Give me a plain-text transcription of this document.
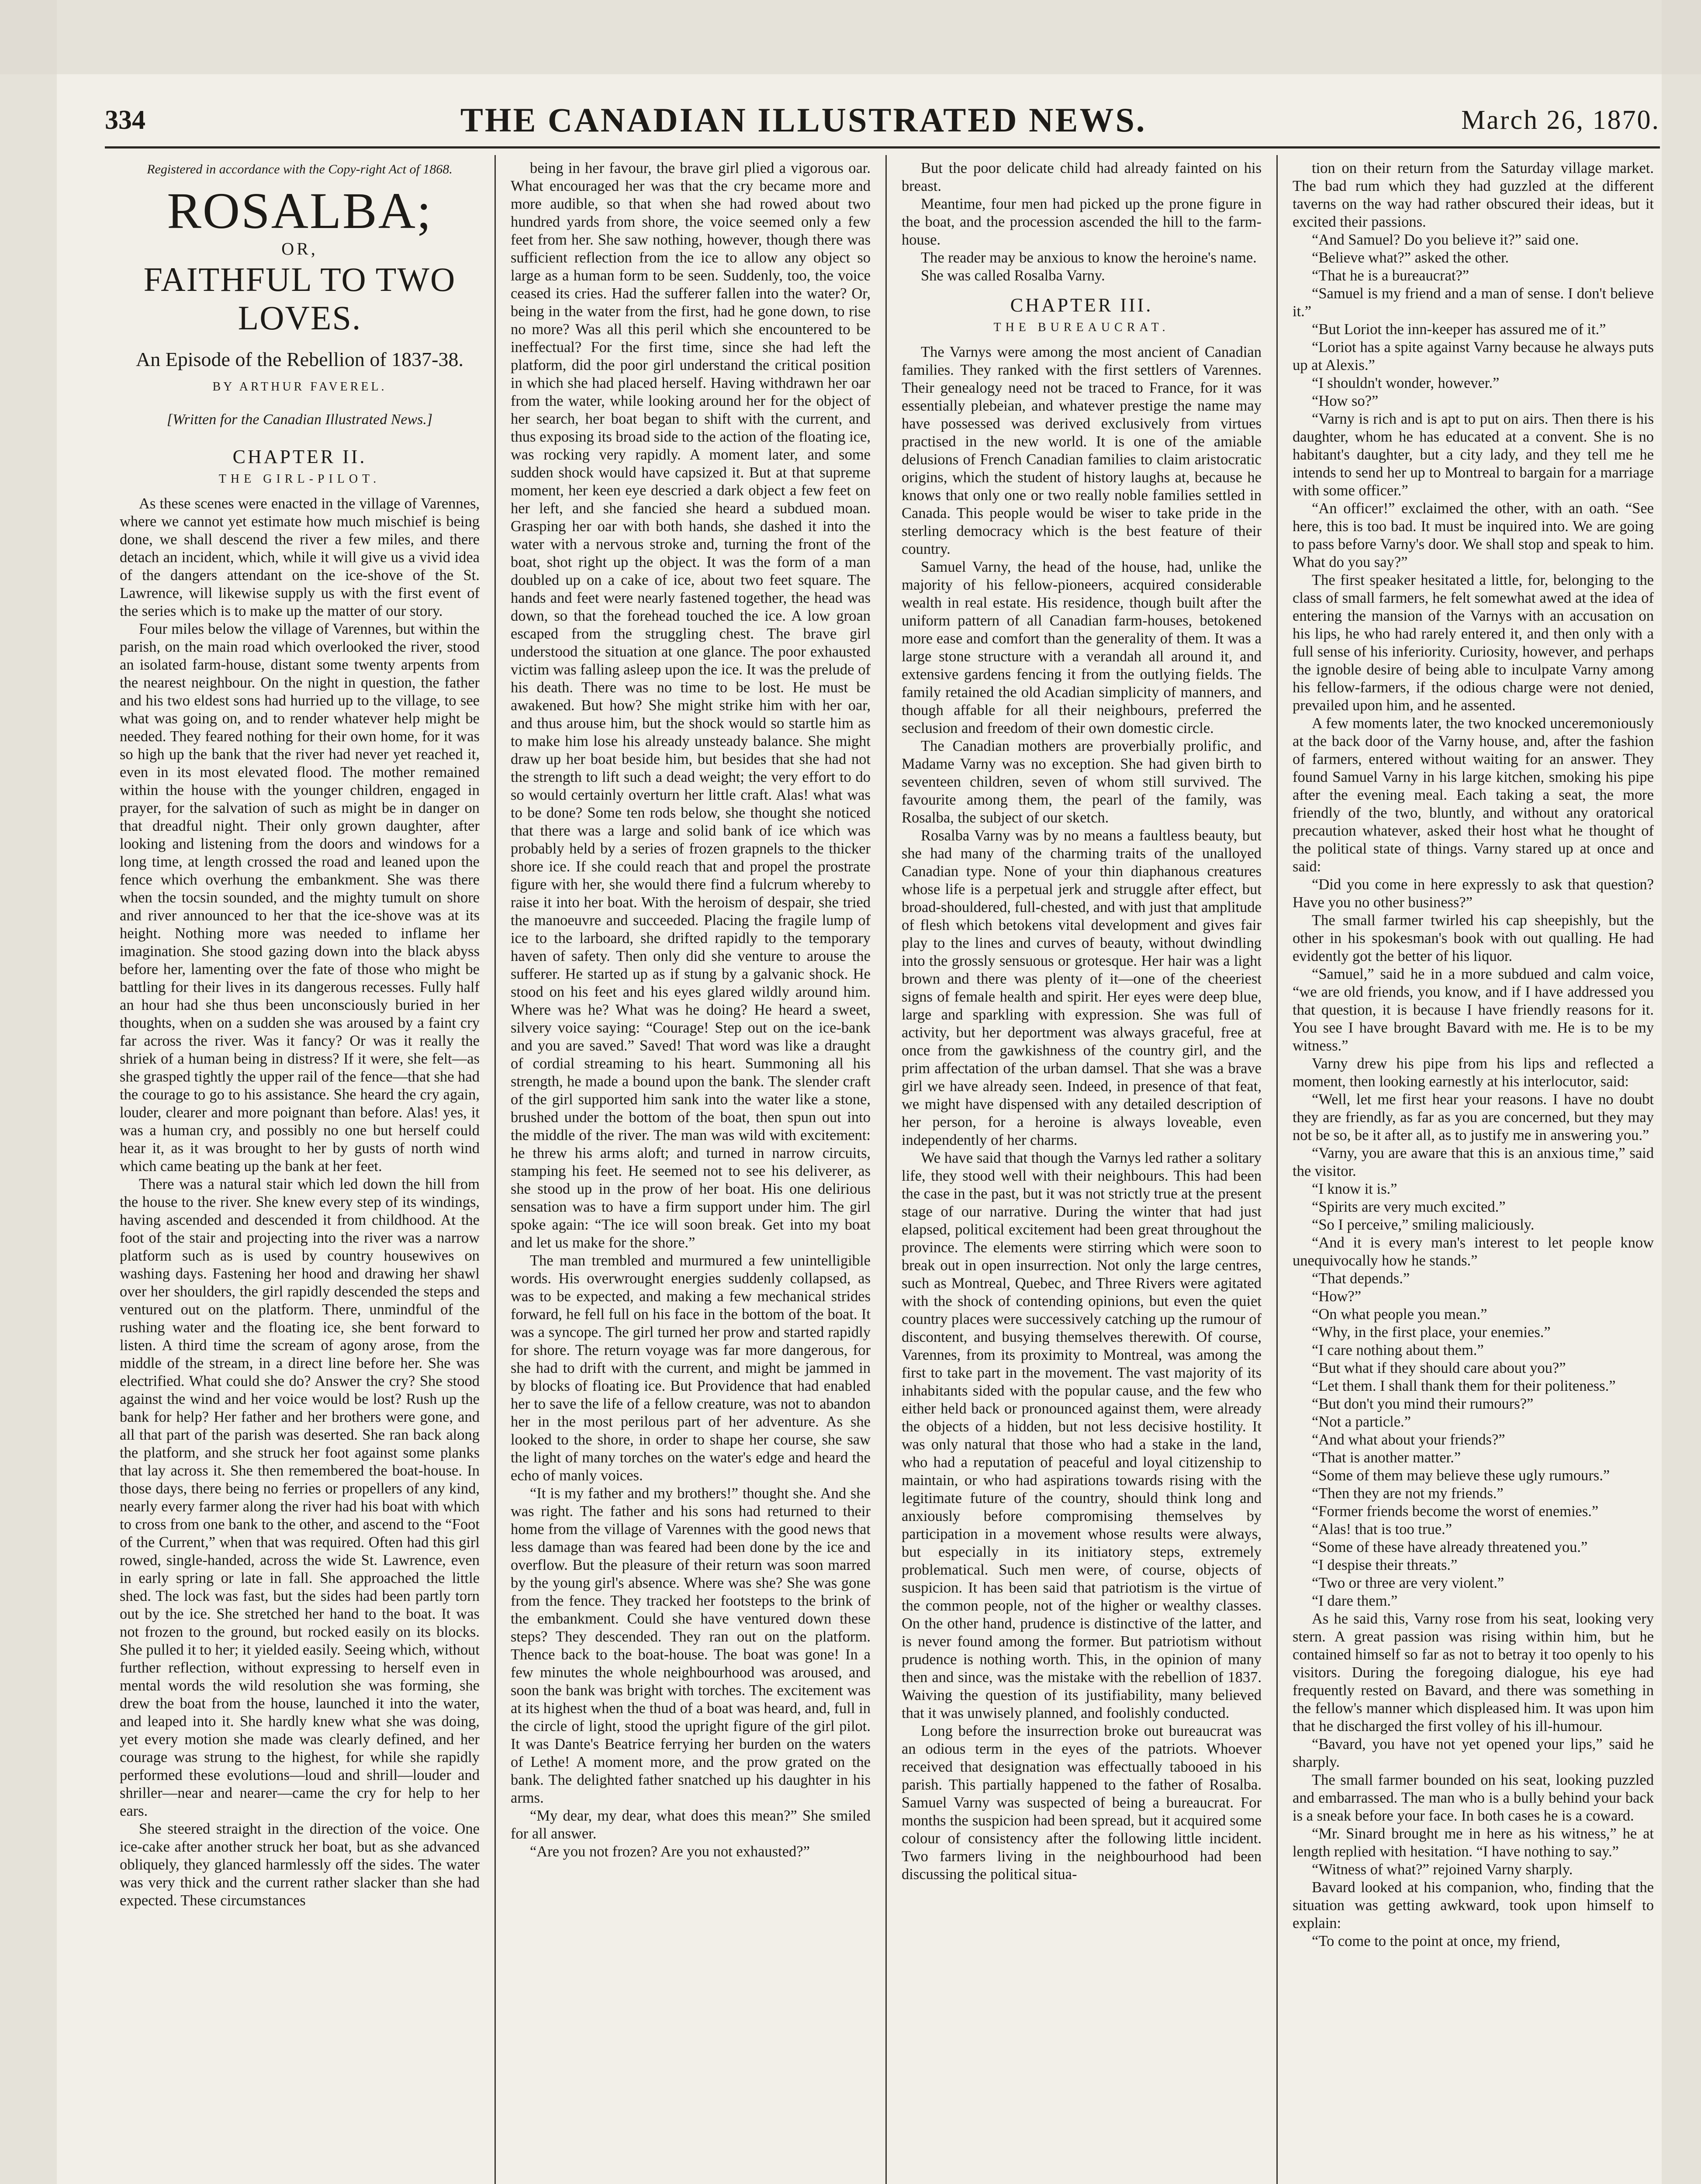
334	THE CANADIAN ILLUSTRATED NEWS.	March 26, 1870.
Registered in accordance with the Copy-right Act of 1868.
ROSALBA;
OR,
FAITHFUL TO TWO LOVES.
An Episode of the Rebellion of 1837-38.
BY ARTHUR FAVEREL.
[Written for the Canadian Illustrated News.]
CHAPTER II.
THE GIRL-PILOT.

As these scenes were enacted in the village of Varennes, where we cannot yet estimate how much mischief is being done, we shall descend the river a few miles, and there detach an incident, which, while it will give us a vivid idea of the dangers attendant on the ice-shove of the St. Lawrence, will likewise supply us with the first event of the series which is to make up the matter of our story.

Four miles below the village of Varennes, but within the parish, on the main road which overlooked the river, stood an isolated farm-house, distant some twenty arpents from the nearest neighbour. On the night in question, the father and his two eldest sons had hurried up to the village, to see what was going on, and to render whatever help might be needed. They feared nothing for their own home, for it was so high up the bank that the river had never yet reached it, even in its most elevated flood. The mother remained within the house with the younger children, engaged in prayer, for the salvation of such as might be in danger on that dreadful night. Their only grown daughter, after looking and listening from the doors and windows for a long time, at length crossed the road and leaned upon the fence which overhung the embankment. She was there when the tocsin sounded, and the mighty tumult on shore and river announced to her that the ice-shove was at its height. Nothing more was needed to inflame her imagination. She stood gazing down into the black abyss before her, lamenting over the fate of those who might be battling for their lives in its dangerous recesses. Fully half an hour had she thus been unconsciously buried in her thoughts, when on a sudden she was aroused by a faint cry far across the river. Was it fancy? Or was it really the shriek of a human being in distress? If it were, she felt—as she grasped tightly the upper rail of the fence—that she had the courage to go to his assistance. She heard the cry again, louder, clearer and more poignant than before. Alas! yes, it was a human cry, and possibly no one but herself could hear it, as it was brought to her by gusts of north wind which came beating up the bank at her feet.

There was a natural stair which led down the hill from the house to the river. She knew every step of its windings, having ascended and descended it from childhood. At the foot of the stair and projecting into the river was a narrow platform such as is used by country housewives on washing days. Fastening her hood and drawing her shawl over her shoulders, the girl rapidly descended the steps and ventured out on the platform. There, unmindful of the rushing water and the floating ice, she bent forward to listen. A third time the scream of agony arose, from the middle of the stream, in a direct line before her. She was electrified. What could she do? Answer the cry? She stood against the wind and her voice would be lost? Rush up the bank for help? Her father and her brothers were gone, and all that part of the parish was deserted. She ran back along the platform, and she struck her foot against some planks that lay across it. She then remembered the boat-house. In those days, there being no ferries or propellers of any kind, nearly every farmer along the river had his boat with which to cross from one bank to the other, and ascend to the “Foot of the Current,” when that was required. Often had this girl rowed, single-handed, across the wide St. Lawrence, even in early spring or late in fall. She approached the little shed. The lock was fast, but the sides had been partly torn out by the ice. She stretched her hand to the boat. It was not frozen to the ground, but rocked easily on its blocks. She pulled it to her; it yielded easily. Seeing which, without further reflection, without expressing to herself even in mental words the wild resolution she was forming, she drew the boat from the house, launched it into the water, and leaped into it. She hardly knew what she was doing, yet every motion she made was clearly defined, and her courage was strung to the highest, for while she rapidly performed these evolutions—loud and shrill—louder and shriller—near and nearer—came the cry for help to her ears.

She steered straight in the direction of the voice. One ice-cake after another struck her boat, but as she advanced obliquely, they glanced harmlessly off the sides. The water was very thick and the current rather slacker than she had expected. These circumstances

being in her favour, the brave girl plied a vigorous oar. What encouraged her was that the cry became more and more audible, so that when she had rowed about two hundred yards from shore, the voice seemed only a few feet from her. She saw nothing, however, though there was sufficient reflection from the ice to allow any object so large as a human form to be seen. Suddenly, too, the voice ceased its cries. Had the sufferer fallen into the water? Or, being in the water from the first, had he gone down, to rise no more? Was all this peril which she encountered to be ineffectual? For the first time, since she had left the platform, did the poor girl understand the critical position in which she had placed herself. Having withdrawn her oar from the water, while looking around her for the object of her search, her boat began to shift with the current, and thus exposing its broad side to the action of the floating ice, was rocking very rapidly. A moment later, and some sudden shock would have capsized it. But at that supreme moment, her keen eye descried a dark object a few feet on her left, and she fancied she heard a subdued moan. Grasping her oar with both hands, she dashed it into the water with a nervous stroke and, turning the front of the boat, shot right up the object. It was the form of a man doubled up on a cake of ice, about two feet square. The hands and feet were nearly fastened together, the head was down, so that the forehead touched the ice. A low groan escaped from the struggling chest. The brave girl understood the situation at one glance. The poor exhausted victim was falling asleep upon the ice. It was the prelude of his death. There was no time to be lost. He must be awakened. But how? She might strike him with her oar, and thus arouse him, but the shock would so startle him as to make him lose his already unsteady balance. She might draw up her boat beside him, but besides that she had not the strength to lift such a dead weight; the very effort to do so would certainly overturn her little craft. Alas! what was to be done? Some ten rods below, she thought she noticed that there was a large and solid bank of ice which was probably held by a series of frozen grapnels to the thicker shore ice. If she could reach that and propel the prostrate figure with her, she would there find a fulcrum whereby to raise it into her boat. With the heroism of despair, she tried the manoeuvre and succeeded. Placing the fragile lump of ice to the larboard, she drifted rapidly to the temporary haven of safety. Then only did she venture to arouse the sufferer. He started up as if stung by a galvanic shock. He stood on his feet and his eyes glared wildly around him. Where was he? What was he doing? He heard a sweet, silvery voice saying: “Courage! Step out on the ice-bank and you are saved.” Saved! That word was like a draught of cordial streaming to his heart. Summoning all his strength, he made a bound upon the bank. The slender craft of the girl supported him sank into the water like a stone, brushed under the bottom of the boat, then spun out into the middle of the river. The man was wild with excitement: he threw his arms aloft; and turned in narrow circuits, stamping his feet. He seemed not to see his deliverer, as she stood up in the prow of her boat. His one delirious sensation was to have a firm support under him. The girl spoke again: “The ice will soon break. Get into my boat and let us make for the shore.”

The man trembled and murmured a few unintelligible words. His overwrought energies suddenly collapsed, as was to be expected, and making a few mechanical strides forward, he fell full on his face in the bottom of the boat. It was a syncope. The girl turned her prow and started rapidly for shore. The return voyage was far more dangerous, for she had to drift with the current, and might be jammed in by blocks of floating ice. But Providence that had enabled her to save the life of a fellow creature, was not to abandon her in the most perilous part of her adventure. As she looked to the shore, in order to shape her course, she saw the light of many torches on the water's edge and heard the echo of manly voices.

“It is my father and my brothers!” thought she. And she was right. The father and his sons had returned to their home from the village of Varennes with the good news that less damage than was feared had been done by the ice and overflow. But the pleasure of their return was soon marred by the young girl's absence. Where was she? She was gone from the fence. They tracked her footsteps to the brink of the embankment. Could she have ventured down these steps? They descended. They ran out on the platform. Thence back to the boat-house. The boat was gone! In a few minutes the whole neighbourhood was aroused, and soon the bank was bright with torches. The excitement was at its highest when the thud of a boat was heard, and, full in the circle of light, stood the upright figure of the girl pilot. It was Dante's Beatrice ferrying her burden on the waters of Lethe! A moment more, and the prow grated on the bank. The delighted father snatched up his daughter in his arms.

“My dear, my dear, what does this mean?” She smiled for all answer.

“Are you not frozen? Are you not exhausted?”

But the poor delicate child had already fainted on his breast.

Meantime, four men had picked up the prone figure in the boat, and the procession ascended the hill to the farm-house.

The reader may be anxious to know the heroine's name.

She was called Rosalba Varny.

CHAPTER III.
THE BUREAUCRAT.

The Varnys were among the most ancient of Canadian families. They ranked with the first settlers of Varennes. Their genealogy need not be traced to France, for it was essentially plebeian, and whatever prestige the name may have possessed was derived exclusively from virtues practised in the new world. It is one of the amiable delusions of French Canadian families to claim aristocratic origins, which the student of history laughs at, because he knows that only one or two really noble families settled in Canada. This people would be wiser to take pride in the sterling democracy which is the best feature of their country.

Samuel Varny, the head of the house, had, unlike the majority of his fellow-pioneers, acquired considerable wealth in real estate. His residence, though built after the uniform pattern of all Canadian farm-houses, betokened more ease and comfort than the generality of them. It was a large stone structure with a verandah all around it, and extensive gardens fencing it from the outlying fields. The family retained the old Acadian simplicity of manners, and though affable for all their neighbours, preferred the seclusion and freedom of their own domestic circle.

The Canadian mothers are proverbially prolific, and Madame Varny was no exception. She had given birth to seventeen children, seven of whom still survived. The favourite among them, the pearl of the family, was Rosalba, the subject of our sketch.

Rosalba Varny was by no means a faultless beauty, but she had many of the charming traits of the unalloyed Canadian type. None of your thin diaphanous creatures whose life is a perpetual jerk and struggle after effect, but broad-shouldered, full-chested, and with just that amplitude of flesh which betokens vital development and gives fair play to the lines and curves of beauty, without dwindling into the grossly sensuous or grotesque. Her hair was a light brown and there was plenty of it—one of the cheeriest signs of female health and spirit. Her eyes were deep blue, large and sparkling with expression. She was full of activity, but her deportment was always graceful, free at once from the gawkishness of the country girl, and the prim affectation of the urban damsel. That she was a brave girl we have already seen. Indeed, in presence of that feat, we might have dispensed with any detailed description of her person, for a heroine is always loveable, even independently of her charms.

We have said that though the Varnys led rather a solitary life, they stood well with their neighbours. This had been the case in the past, but it was not strictly true at the present stage of our narrative. During the winter that had just elapsed, political excitement had been great throughout the province. The elements were stirring which were soon to break out in open insurrection. Not only the large centres, such as Montreal, Quebec, and Three Rivers were agitated with the shock of contending opinions, but even the quiet country places were successively catching up the rumour of discontent, and busying themselves therewith. Of course, Varennes, from its proximity to Montreal, was among the first to take part in the movement. The vast majority of its inhabitants sided with the popular cause, and the few who either held back or pronounced against them, were already the objects of a hidden, but not less decisive hostility. It was only natural that those who had a stake in the land, who had a reputation of peaceful and loyal citizenship to maintain, or who had aspirations towards rising with the legitimate future of the country, should think long and anxiously before compromising themselves by participation in a movement whose results were always, but especially in its initiatory steps, extremely problematical. Such men were, of course, objects of suspicion. It has been said that patriotism is the virtue of the common people, not of the higher or wealthy classes. On the other hand, prudence is distinctive of the latter, and is never found among the former. But patriotism without prudence is nothing worth. This, in the opinion of many then and since, was the mistake with the rebellion of 1837. Waiving the question of its justifiability, many believed that it was unwisely planned, and foolishly conducted.

Long before the insurrection broke out bureaucrat was an odious term in the eyes of the patriots. Whoever received that designation was effectually tabooed in his parish. This partially happened to the father of Rosalba. Samuel Varny was suspected of being a bureaucrat. For months the suspicion had been spread, but it acquired some colour of consistency after the following little incident. Two farmers living in the neighbourhood had been discussing the political situa-

tion on their return from the Saturday village market. The bad rum which they had guzzled at the different taverns on the way had rather obscured their ideas, but it excited their passions.

“And Samuel? Do you believe it?” said one.

“Believe what?” asked the other.

“That he is a bureaucrat?”

“Samuel is my friend and a man of sense. I don't believe it.”

“But Loriot the inn-keeper has assured me of it.”

“Loriot has a spite against Varny because he always puts up at Alexis.”

“I shouldn't wonder, however.”

“How so?”

“Varny is rich and is apt to put on airs. Then there is his daughter, whom he has educated at a convent. She is no habitant's daughter, but a city lady, and they tell me he intends to send her up to Montreal to bargain for a marriage with some officer.”

“An officer!” exclaimed the other, with an oath. “See here, this is too bad. It must be inquired into. We are going to pass before Varny's door. We shall stop and speak to him. What do you say?”

The first speaker hesitated a little, for, belonging to the class of small farmers, he felt somewhat awed at the idea of entering the mansion of the Varnys with an accusation on his lips, he who had rarely entered it, and then only with a full sense of his inferiority. Curiosity, however, and perhaps the ignoble desire of being able to inculpate Varny among his fellow-farmers, if the odious charge were not denied, prevailed upon him, and he assented.

A few moments later, the two knocked unceremoniously at the back door of the Varny house, and, after the fashion of farmers, entered without waiting for an answer. They found Samuel Varny in his large kitchen, smoking his pipe after the evening meal. Each taking a seat, the more friendly of the two, bluntly, and without any oratorical precaution whatever, asked their host what he thought of the political state of things. Varny stared up at once and said:

“Did you come in here expressly to ask that question? Have you no other business?”

The small farmer twirled his cap sheepishly, but the other in his spokesman's book with out qualling. He had evidently got the better of his liquor.

“Samuel,” said he in a more subdued and calm voice, “we are old friends, you know, and if I have addressed you that question, it is because I have friendly reasons for it. You see I have brought Bavard with me. He is to be my witness.”

Varny drew his pipe from his lips and reflected a moment, then looking earnestly at his interlocutor, said:

“Well, let me first hear your reasons. I have no doubt they are friendly, as far as you are concerned, but they may not be so, be it after all, as to justify me in answering you.”

“Varny, you are aware that this is an anxious time,” said the visitor.

“I know it is.”

“Spirits are very much excited.”

“So I perceive,” smiling maliciously.

“And it is every man's interest to let people know unequivocally how he stands.”

“That depends.”

“How?”

“On what people you mean.”

“Why, in the first place, your enemies.”

“I care nothing about them.”

“But what if they should care about you?”

“Let them. I shall thank them for their politeness.”

“But don't you mind their rumours?”

“Not a particle.”

“And what about your friends?”

“That is another matter.”

“Some of them may believe these ugly rumours.”

“Then they are not my friends.”

“Former friends become the worst of enemies.”

“Alas! that is too true.”

“Some of these have already threatened you.”

“I despise their threats.”

“Two or three are very violent.”

“I dare them.”

As he said this, Varny rose from his seat, looking very stern. A great passion was rising within him, but he contained himself so far as not to betray it too openly to his visitors. During the foregoing dialogue, his eye had frequently rested on Bavard, and there was something in the fellow's manner which displeased him. It was upon him that he discharged the first volley of his ill-humour.

“Bavard, you have not yet opened your lips,” said he sharply.

The small farmer bounded on his seat, looking puzzled and embarrassed. The man who is a bully behind your back is a sneak before your face. In both cases he is a coward.

“Mr. Sinard brought me in here as his witness,” he at length replied with hesitation. “I have nothing to say.”

“Witness of what?” rejoined Varny sharply.

Bavard looked at his companion, who, finding that the situation was getting awkward, took upon himself to explain:

“To come to the point at once, my friend,
